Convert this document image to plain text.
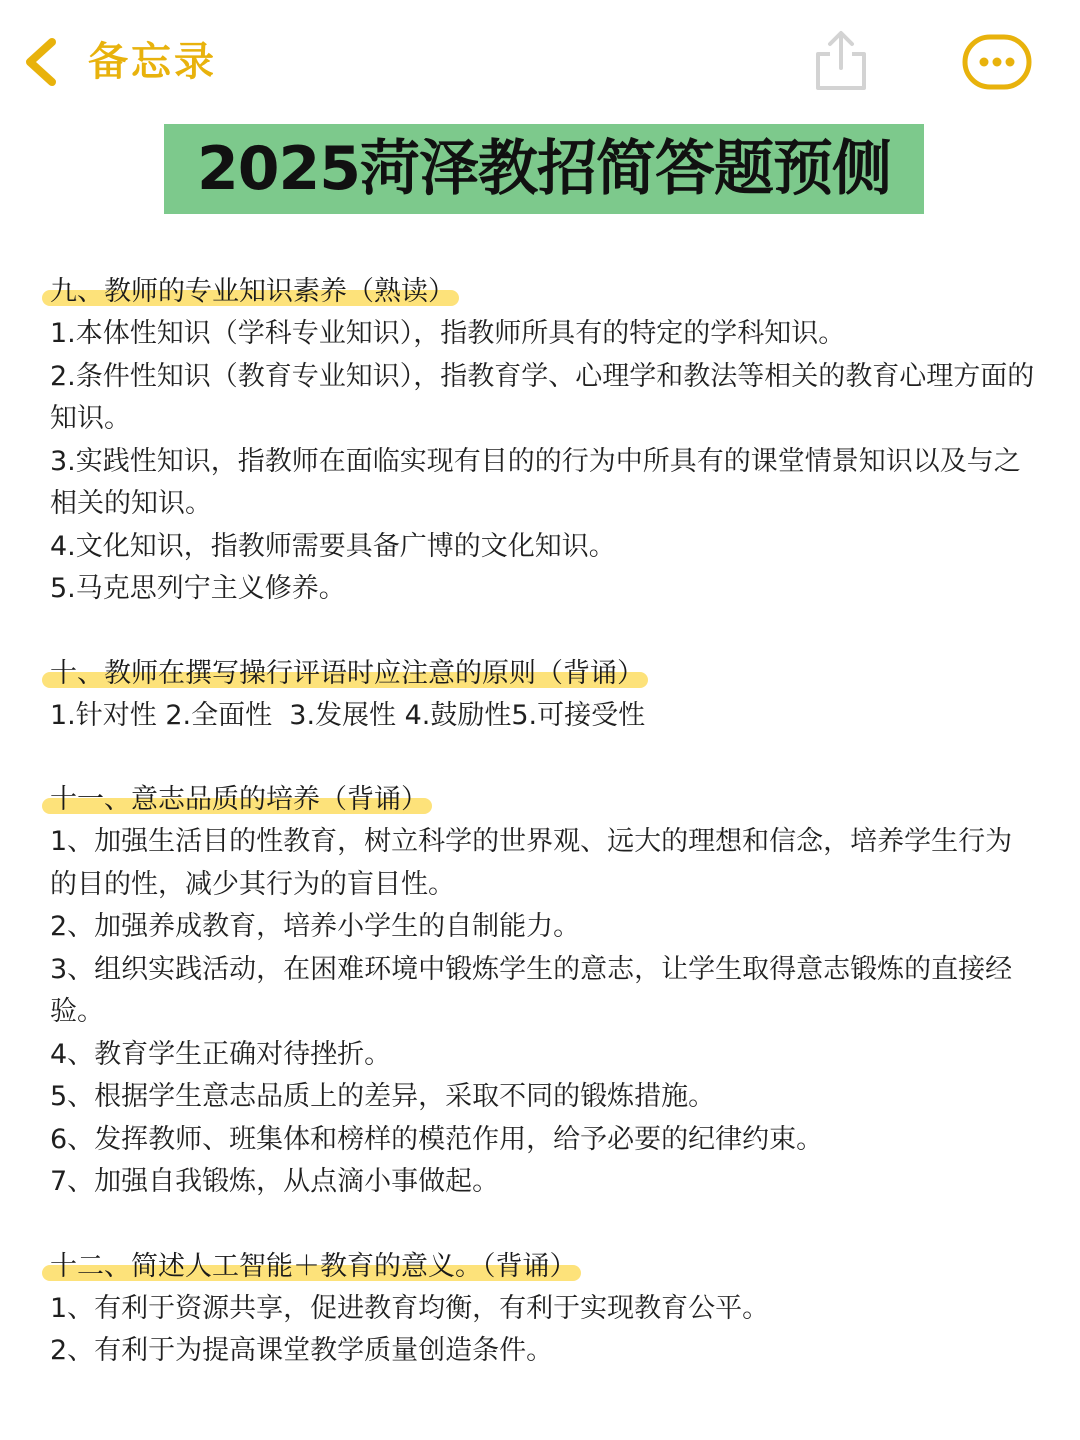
备忘录
2025菏泽教招简答题预侧
九、教师的专业知识素养（熟读）

1.本体性知识（学科专业知识），指教师所具有的特定的学科知识。

2.条件性知识（教育专业知识），指教育学、心理学和教法等相关的教育心理方面的知识。

3.实践性知识，指教师在面临实现有目的的行为中所具有的课堂情景知识以及与之相关的知识。

4.文化知识，指教师需要具备广博的文化知识。

5.马克思列宁主义修养。

十、教师在撰写操行评语时应注意的原则（背诵）

1.针对性 2.全面性  3.发展性 4.鼓励性5.可接受性

十一、意志品质的培养（背诵）

1、加强生活目的性教育，树立科学的世界观、远大的理想和信念，培养学生行为的目的性，减少其行为的盲目性。

2、加强养成教育，培养小学生的自制能力。

3、组织实践活动，在困难环境中锻炼学生的意志，让学生取得意志锻炼的直接经验。

4、教育学生正确对待挫折。

5、根据学生意志品质上的差异，采取不同的锻炼措施。

6、发挥教师、班集体和榜样的模范作用，给予必要的纪律约束。

7、加强自我锻炼，从点滴小事做起。

十二、简述人工智能＋教育的意义。（背诵）

1、有利于资源共享，促进教育均衡，有利于实现教育公平。

2、有利于为提高课堂教学质量创造条件。
